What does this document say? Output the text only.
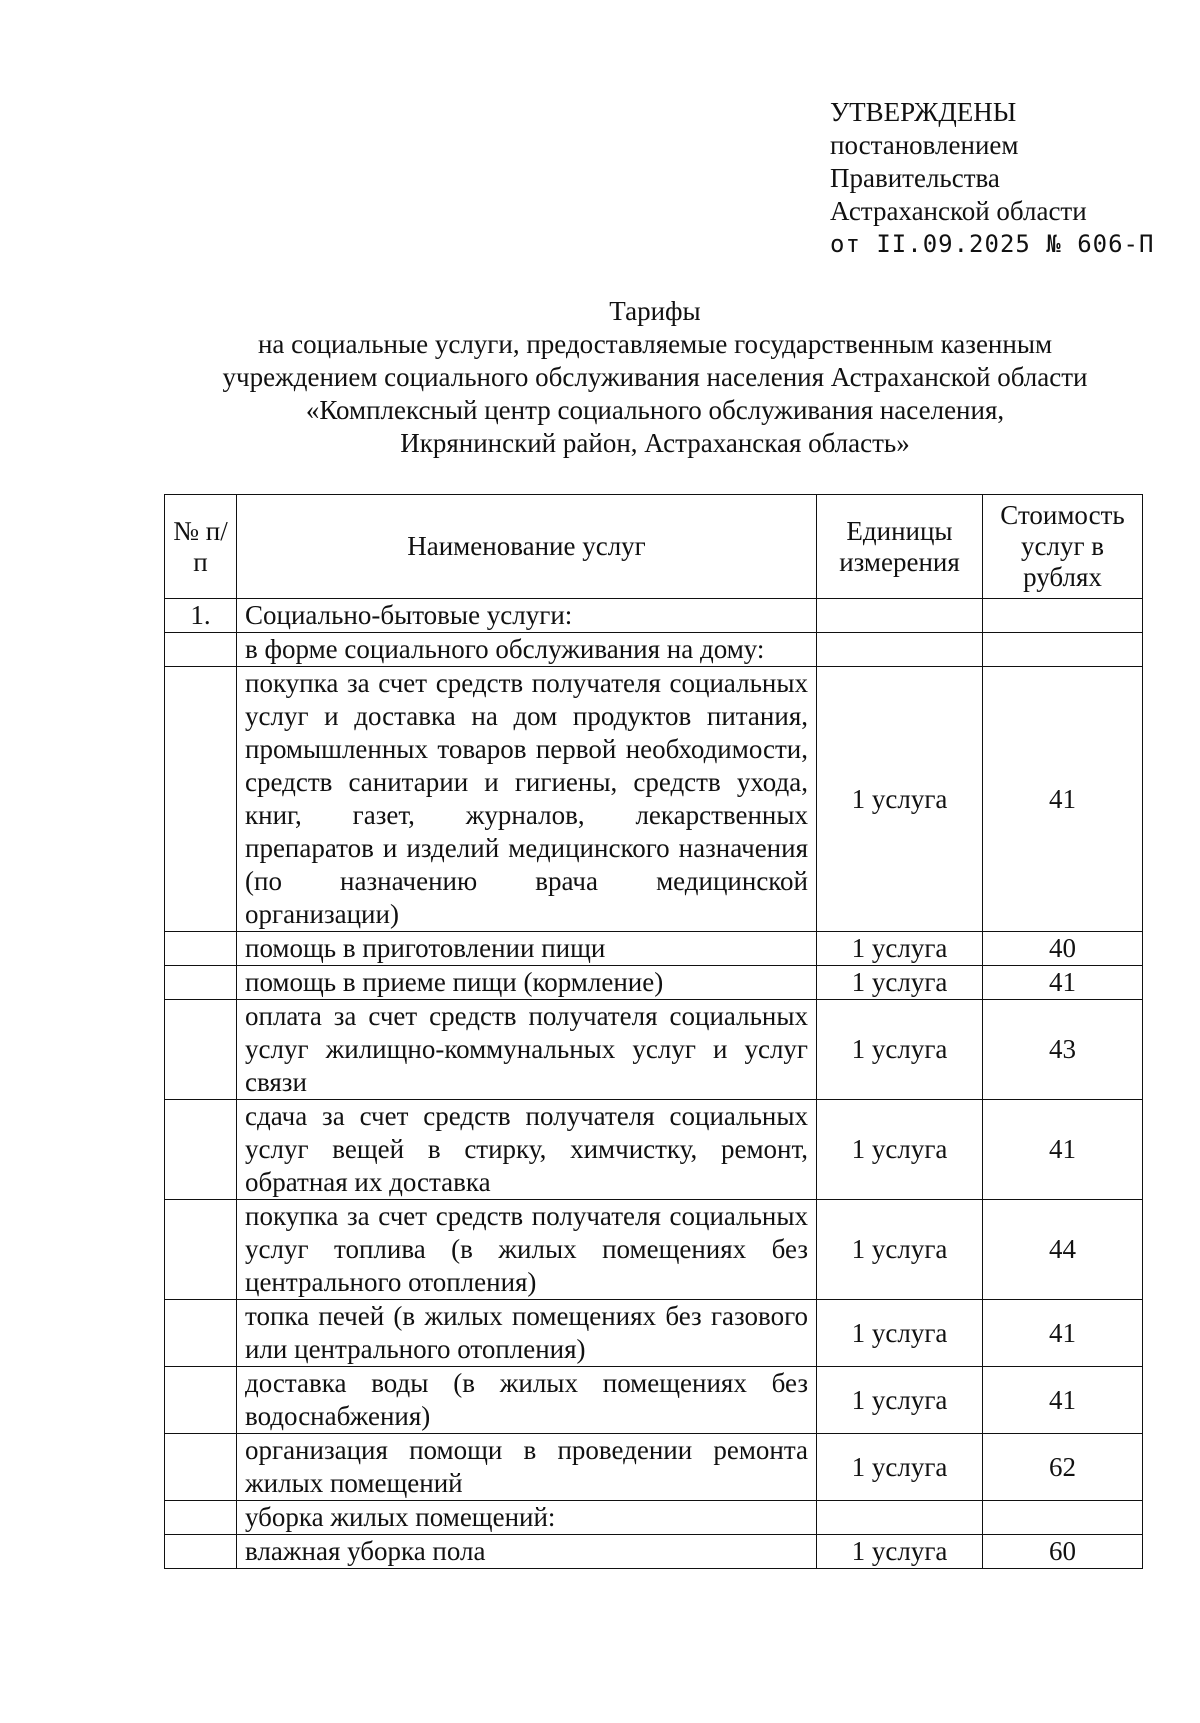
УТВЕРЖДЕНЫ
постановлением
Правительства
Астраханской области
от II.09.2025 № 606-П
Тарифы
на социальные услуги, предоставляемые государственным казенным
учреждением социального обслуживания населения Астраханской области
«Комплексный центр социального обслуживания населения,
Икрянинский район, Астраханская область»
№ п/п	Наименование услуг	Единицы измерения	Стоимость услуг в рублях
1.	Социально-бытовые услуги:		
	в форме социального обслуживания на дому:		
	покупка за счет средств получателя социальных услуг и доставка на дом продуктов питания, промышленных товаров первой необходимости, средств санитарии и гигиены, средств ухода, книг, газет, журналов, лекарственных препаратов и изделий медицинского назначения (по назначению врача медицинской организации)	1 услуга	41
	помощь в приготовлении пищи	1 услуга	40
	помощь в приеме пищи (кормление)	1 услуга	41
	оплата за счет средств получателя социальных услуг жилищно-коммунальных услуг и услуг связи	1 услуга	43
	сдача за счет средств получателя социальных услуг вещей в стирку, химчистку, ремонт, обратная их доставка	1 услуга	41
	покупка за счет средств получателя социальных услуг топлива (в жилых помещениях без центрального отопления)	1 услуга	44
	топка печей (в жилых помещениях без газового или центрального отопления)	1 услуга	41
	доставка воды (в жилых помещениях без водоснабжения)	1 услуга	41
	организация помощи в проведении ремонта жилых помещений	1 услуга	62
	уборка жилых помещений:		
	влажная уборка пола	1 услуга	60
